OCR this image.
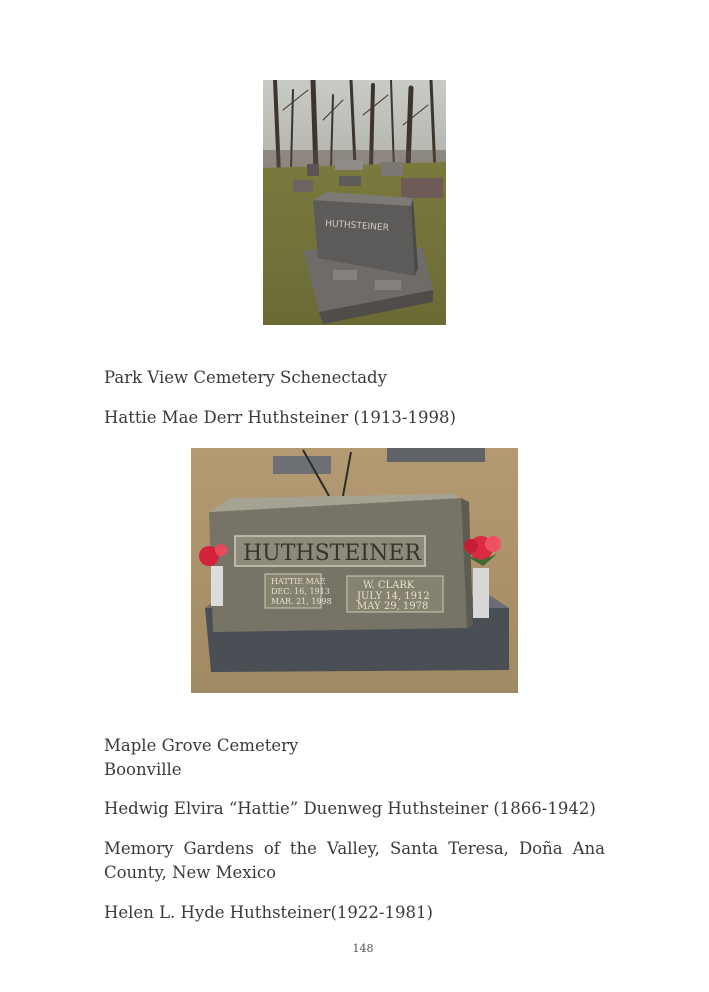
HUTHSTEINER

Park View Cemetery Schenectady

Hattie Mae Derr Huthsteiner (1913-1998)

HUTHSTEINER
HATTIE MAE
DEC. 16, 1913
MAR. 21, 1998
W. CLARK
JULY 14, 1912
MAY 29, 1978

Maple Grove Cemetery
Boonville

Hedwig Elvira “Hattie” Duenweg Huthsteiner (1866-1942)

Memory Gardens of the Valley, Santa Teresa, Doña Ana County, New Mexico

Helen L. Hyde Huthsteiner(1922-1981)

148
